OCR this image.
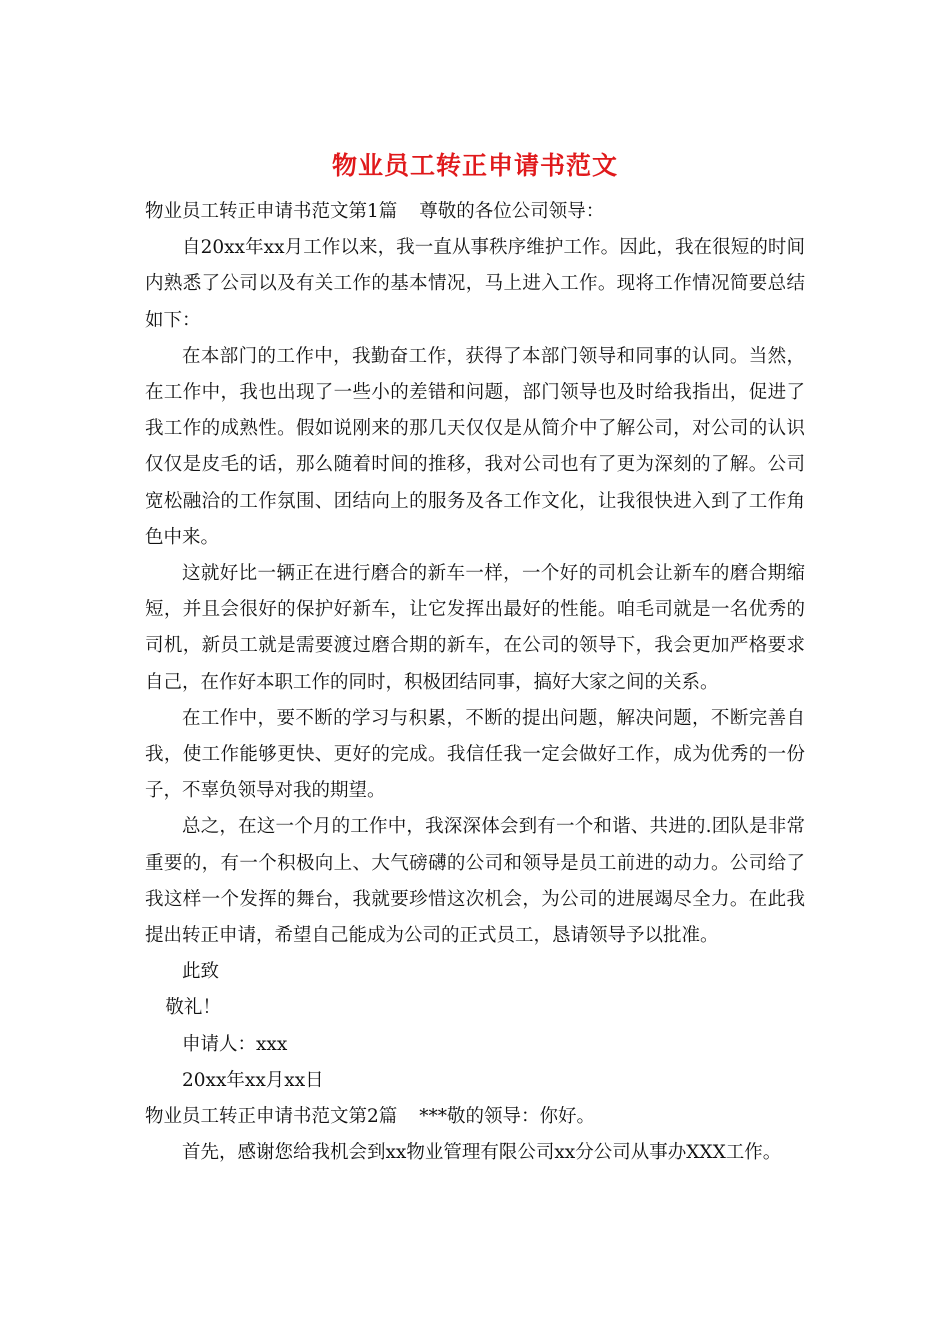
物业员工转正申请书范文

物业员工转正申请书范文第1篇 尊敬的各位公司领导：

自20xx年xx月工作以来，我一直从事秩序维护工作。因此，我在很短的时间内熟悉了公司以及有关工作的基本情况，马上进入工作。现将工作情况简要总结如下：

在本部门的工作中，我勤奋工作，获得了本部门领导和同事的认同。当然，在工作中，我也出现了一些小的差错和问题，部门领导也及时给我指出，促进了我工作的成熟性。假如说刚来的那几天仅仅是从简介中了解公司，对公司的认识仅仅是皮毛的话，那么随着时间的推移，我对公司也有了更为深刻的了解。公司宽松融洽的工作氛围、团结向上的服务及各工作文化，让我很快进入到了工作角色中来。

这就好比一辆正在进行磨合的新车一样，一个好的司机会让新车的磨合期缩短，并且会很好的保护好新车，让它发挥出最好的性能。咱毛司就是一名优秀的司机，新员工就是需要渡过磨合期的新车，在公司的领导下，我会更加严格要求自己，在作好本职工作的同时，积极团结同事，搞好大家之间的关系。

在工作中，要不断的学习与积累，不断的提出问题，解决问题，不断完善自我，使工作能够更快、更好的完成。我信任我一定会做好工作，成为优秀的一份子，不辜负领导对我的期望。

总之，在这一个月的工作中，我深深体会到有一个和谐、共进的.团队是非常重要的，有一个积极向上、大气磅礴的公司和领导是员工前进的动力。公司给了我这样一个发挥的舞台，我就要珍惜这次机会，为公司的进展竭尽全力。在此我提出转正申请，希望自己能成为公司的正式员工，恳请领导予以批准。

此致

敬礼！

申请人：xxx

20xx年xx月xx日

物业员工转正申请书范文第2篇 ***敬的领导：你好。

首先，感谢您给我机会到xx物业管理有限公司xx分公司从事办XXX工作。
